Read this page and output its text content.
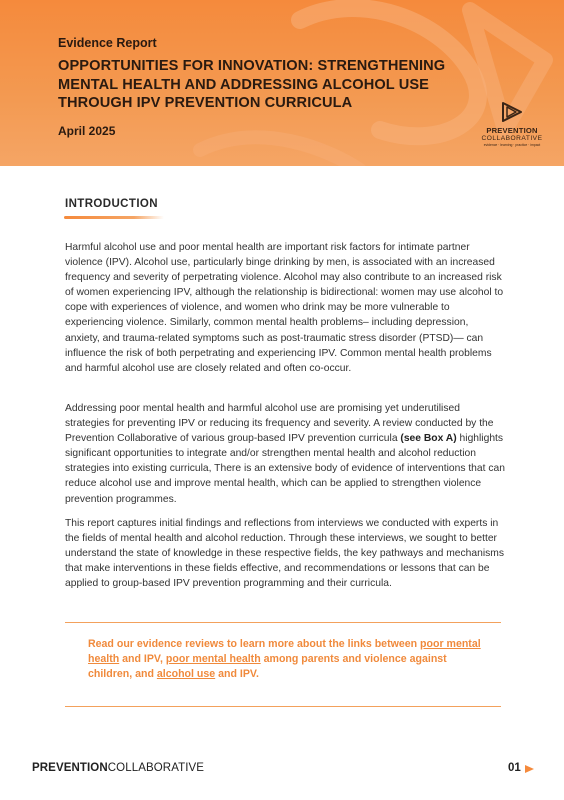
Evidence Report
OPPORTUNITIES FOR INNOVATION: STRENGTHENING
MENTAL HEALTH AND ADDRESSING ALCOHOL USE
THROUGH IPV PREVENTION CURRICULA
April 2025	PREVENTION
COLLABORATIVE
evidence · learning · practice · impact
INTRODUCTION

Harmful alcohol use and poor mental health are important risk factors for intimate partner violence (IPV). Alcohol use, particularly binge drinking by men, is associated with an increased frequency and severity of perpetrating violence. Alcohol may also contribute to an increased risk of women experiencing IPV, although the relationship is bidirectional: women may use alcohol to cope with experiences of violence, and women who drink may be more vulnerable to experiencing violence. Similarly, common mental health problems– including depression, anxiety, and trauma-related symptoms such as post-traumatic stress disorder (PTSD)— can influence the risk of both perpetrating and experiencing IPV. Common mental health problems and harmful alcohol use are closely related and often co-occur.

Addressing poor mental health and harmful alcohol use are promising yet underutilised strategies for preventing IPV or reducing its frequency and severity. A review conducted by the Prevention Collaborative of various group-based IPV prevention curricula (see Box A) highlights significant opportunities to integrate and/or strengthen mental health and alcohol reduction strategies into existing curricula, There is an extensive body of evidence of interventions that can reduce alcohol use and improve mental health, which can be applied to strengthen violence prevention programmes.

This report captures initial findings and reflections from interviews we conducted with experts in the fields of mental health and alcohol reduction. Through these interviews, we sought to better understand the state of knowledge in these respective fields, the key pathways and mechanisms that make interventions in these fields effective, and recommendations or lessons that can be applied to group-based IPV prevention programming and their curricula.

Read our evidence reviews to learn more about the links between poor mental health and IPV, poor mental health among parents and violence against children, and alcohol use and IPV.
PREVENTIONCOLLABORATIVE	01
